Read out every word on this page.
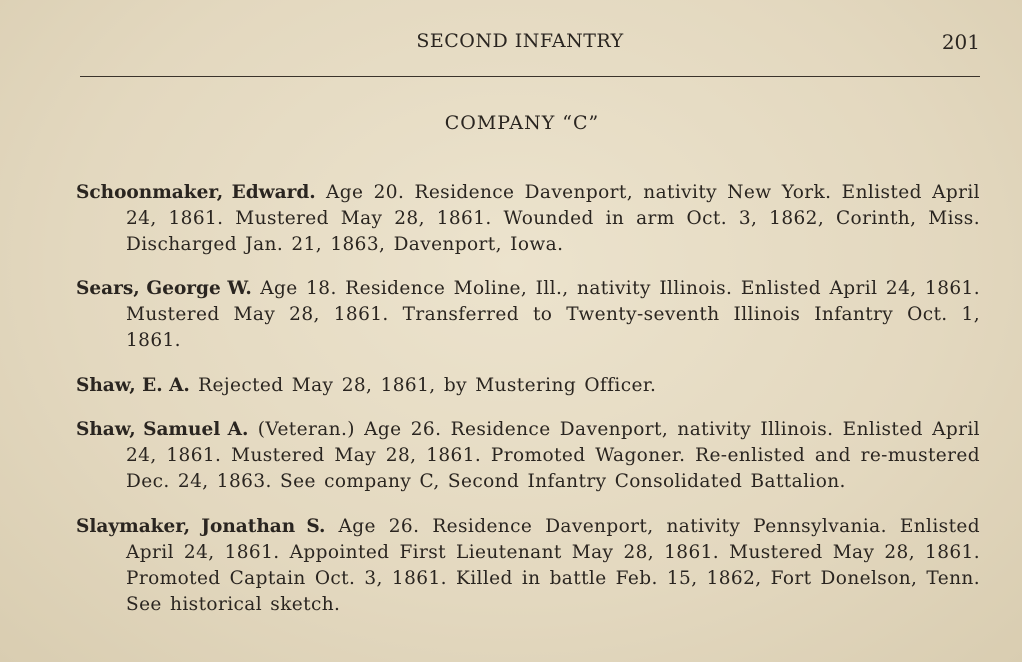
SECOND INFANTRY	201
COMPANY “C”

Schoonmaker, Edward. Age 20. Residence Davenport, nativity New York. Enlisted April 24, 1861. Mustered May 28, 1861. Wounded in arm Oct. 3, 1862, Corinth, Miss. Discharged Jan. 21, 1863, Davenport, Iowa.

Sears, George W. Age 18. Residence Moline, Ill., nativity Illinois. Enlisted April 24, 1861. Mustered May 28, 1861. Transferred to Twenty-seventh Illinois Infantry Oct. 1, 1861.

Shaw, E. A. Rejected May 28, 1861, by Mustering Officer.

Shaw, Samuel A. (Veteran.) Age 26. Residence Davenport, nativity Illinois. Enlisted April 24, 1861. Mustered May 28, 1861. Promoted Wagoner. Re-enlisted and re-mustered Dec. 24, 1863. See company C, Second Infantry Consolidated Battalion.

Slaymaker, Jonathan S. Age 26. Residence Davenport, nativity Pennsylvania. Enlisted April 24, 1861. Appointed First Lieutenant May 28, 1861. Mustered May 28, 1861. Promoted Captain Oct. 3, 1861. Killed in battle Feb. 15, 1862, Fort Donelson, Tenn. See historical sketch.
